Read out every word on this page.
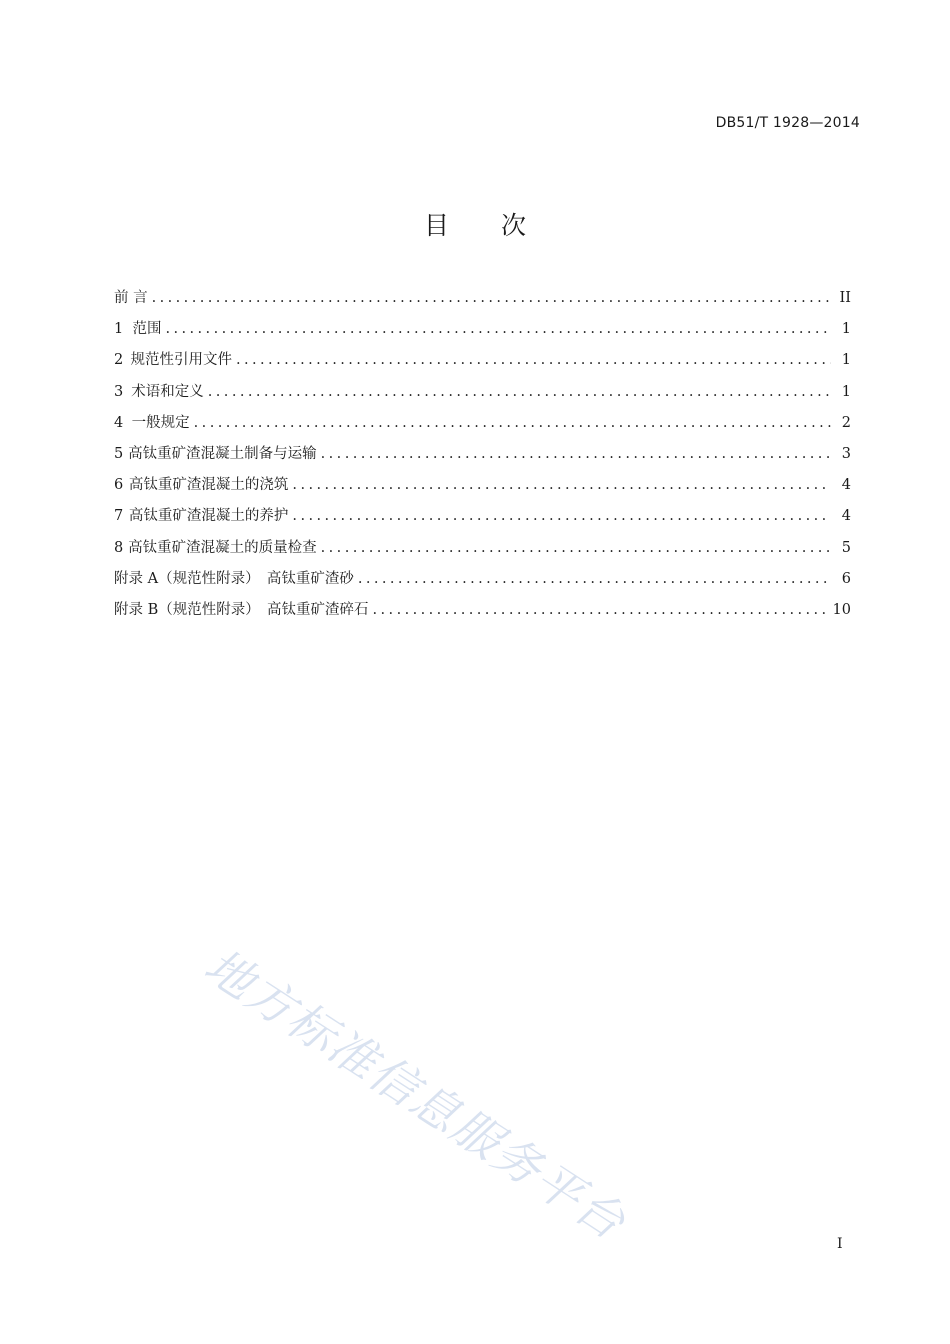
DB51/T 1928—2014
目 次
前 言 . . .	II
1 范围 . . .	1
2 规范性引用文件 . . .	1
3 术语和定义 . . .	1
4 一般规定 . . .	2
5 高钛重矿渣混凝土制备与运输 . . .	3
6 高钛重矿渣混凝土的浇筑 . . .	4
7 高钛重矿渣混凝土的养护 . . .	4
8 高钛重矿渣混凝土的质量检查 . . .	5
附录 A（规范性附录）　高钛重矿渣砂 . . .	6
附录 B（规范性附录）　高钛重矿渣碎石 . . .	10
地方标准信息服务平台	I
